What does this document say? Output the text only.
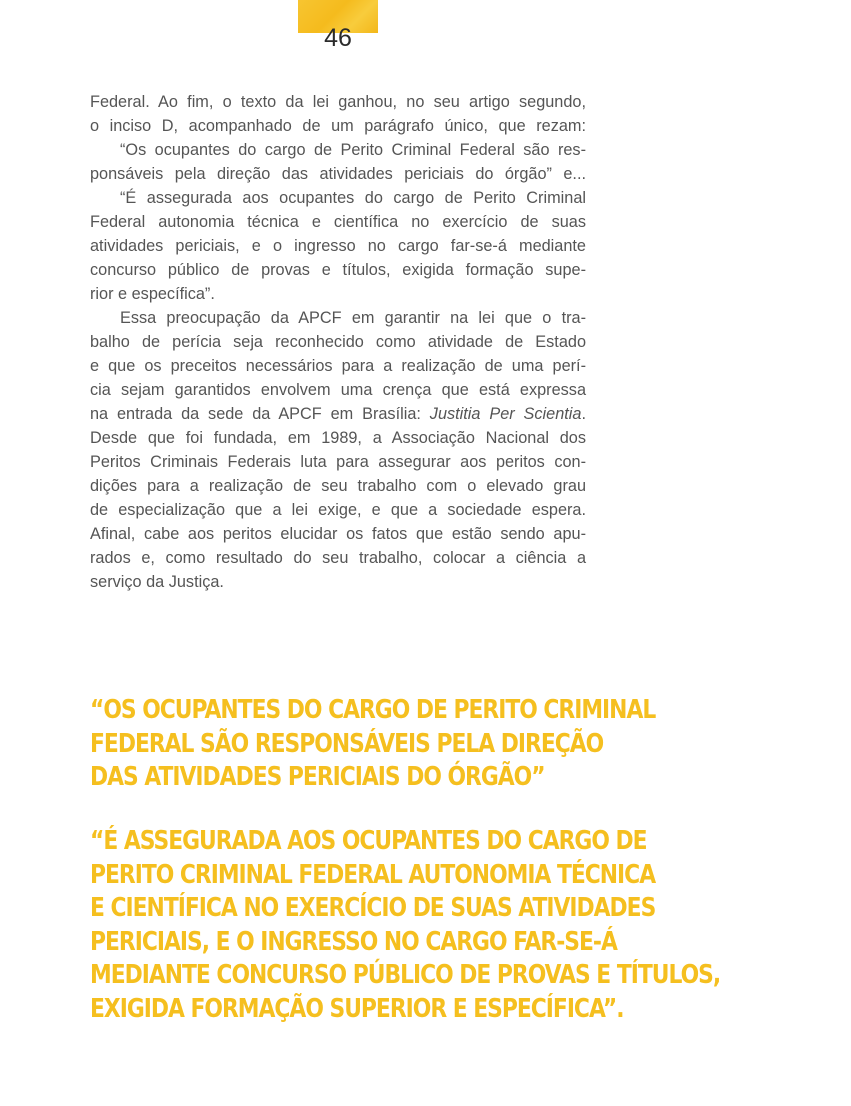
46
Federal. Ao fim, o texto da lei ganhou, no seu artigo segundo,
o inciso D, acompanhado de um parágrafo único, que rezam:
“Os ocupantes do cargo de Perito Criminal Federal são res-
ponsáveis pela direção das atividades periciais do órgão” e...
“É assegurada aos ocupantes do cargo de Perito Criminal
Federal autonomia técnica e científica no exercício de suas
atividades periciais, e o ingresso no cargo far-se-á mediante
concurso público de provas e títulos, exigida formação supe-
rior e específica”.
Essa preocupação da APCF em garantir na lei que o tra-
balho de perícia seja reconhecido como atividade de Estado
e que os preceitos necessários para a realização de uma perí-
cia sejam garantidos envolvem uma crença que está expressa
na entrada da sede da APCF em Brasília: Justitia Per Scientia.
Desde que foi fundada, em 1989, a Associação Nacional dos
Peritos Criminais Federais luta para assegurar aos peritos con-
dições para a realização de seu trabalho com o elevado grau
de especialização que a lei exige, e que a sociedade espera.
Afinal, cabe aos peritos elucidar os fatos que estão sendo apu-
rados e, como resultado do seu trabalho, colocar a ciência a
serviço da Justiça.
“OS OCUPANTES DO CARGO DE PERITO CRIMINAL
FEDERAL SÃO RESPONSÁVEIS PELA DIREÇÃO
DAS ATIVIDADES PERICIAIS DO ÓRGÃO”
“É ASSEGURADA AOS OCUPANTES DO CARGO DE
PERITO CRIMINAL FEDERAL AUTONOMIA TÉCNICA
E CIENTÍFICA NO EXERCÍCIO DE SUAS ATIVIDADES
PERICIAIS, E O INGRESSO NO CARGO FAR-SE-Á
MEDIANTE CONCURSO PÚBLICO DE PROVAS E TÍTULOS,
EXIGIDA FORMAÇÃO SUPERIOR E ESPECÍFICA”.
